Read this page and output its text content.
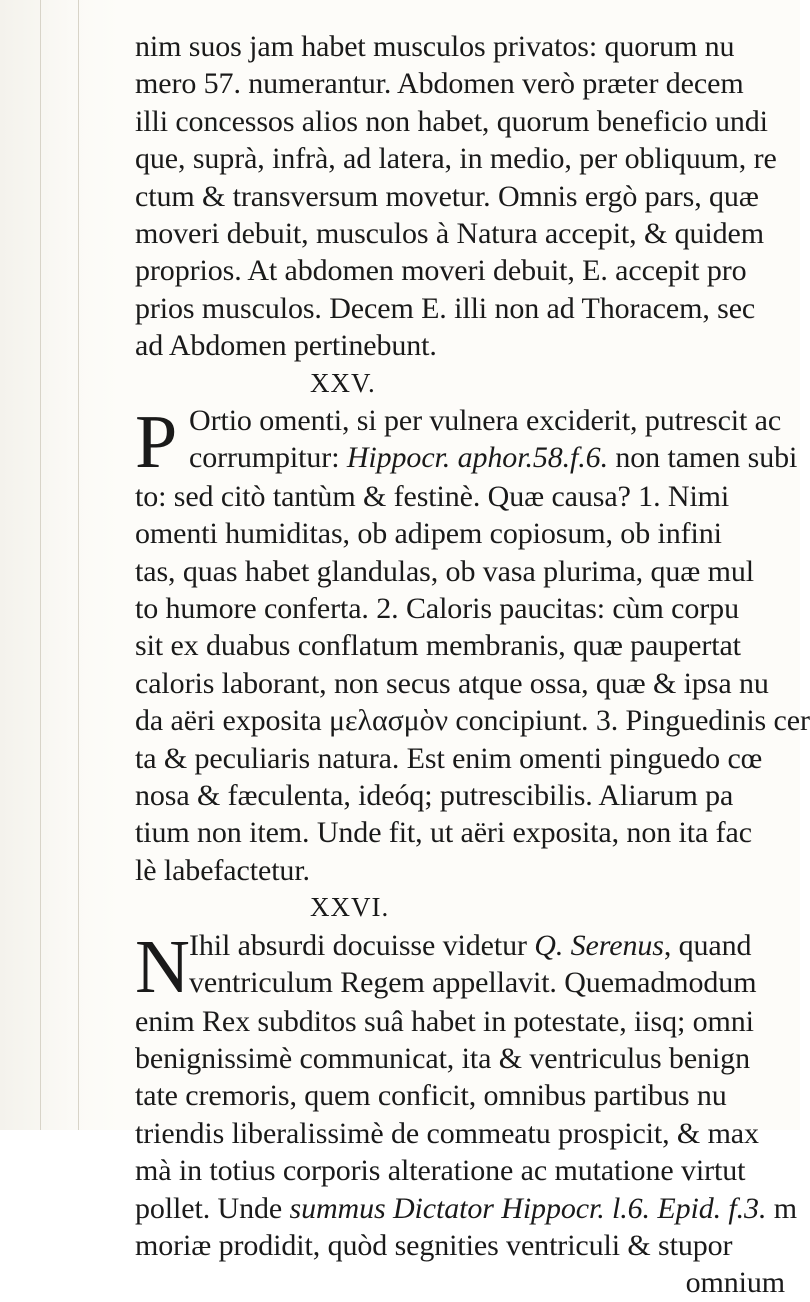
nim suos jam habet musculos privatos: quorum nu
mero 57. numerantur. Abdomen verò præter decem
illi concessos alios non habet, quorum beneficio undi
que, suprà, infrà, ad latera, in medio, per obliquum, re
ctum & transversum movetur. Omnis ergò pars, quæ
moveri debuit, musculos à Natura accepit, & quidem
proprios. At abdomen moveri debuit, E. accepit pro
prios musculos. Decem E. illi non ad Thoracem, sec
ad Abdomen pertinebunt.
XXV.
P Ortio omenti, si per vulnera exciderit, putrescit ac
corrumpitur: Hippocr. aphor.58.f.6. non tamen subi
to: sed citò tantùm & festinè. Quæ causa? 1. Nimi
omenti humiditas, ob adipem copiosum, ob infini
tas, quas habet glandulas, ob vasa plurima, quæ mul
to humore conferta. 2. Caloris paucitas: cùm corpu
sit ex duabus conflatum membranis, quæ paupertat
caloris laborant, non secus atque ossa, quæ & ipsa nu
da aëri exposita μελασμὸν concipiunt. 3. Pinguedinis cer
ta & peculiaris natura. Est enim omenti pinguedo cœ
nosa & fæculenta, ideóq; putrescibilis. Aliarum pa
tium non item. Unde fit, ut aëri exposita, non ita fac
lè labefactetur.
XXVI.
N Ihil absurdi docuisse videtur Q. Serenus, quand
ventriculum Regem appellavit. Quemadmodum
enim Rex subditos suâ habet in potestate, iisq; omni
benignissimè communicat, ita & ventriculus benign
tate cremoris, quem conficit, omnibus partibus nu
triendis liberalissimè de commeatu prospicit, & max
mà in totius corporis alteratione ac mutatione virtut
pollet. Unde summus Dictator Hippocr. l.6. Epid. f.3. m
moriæ prodidit, quòd segnities ventriculi & stupor
omnium
